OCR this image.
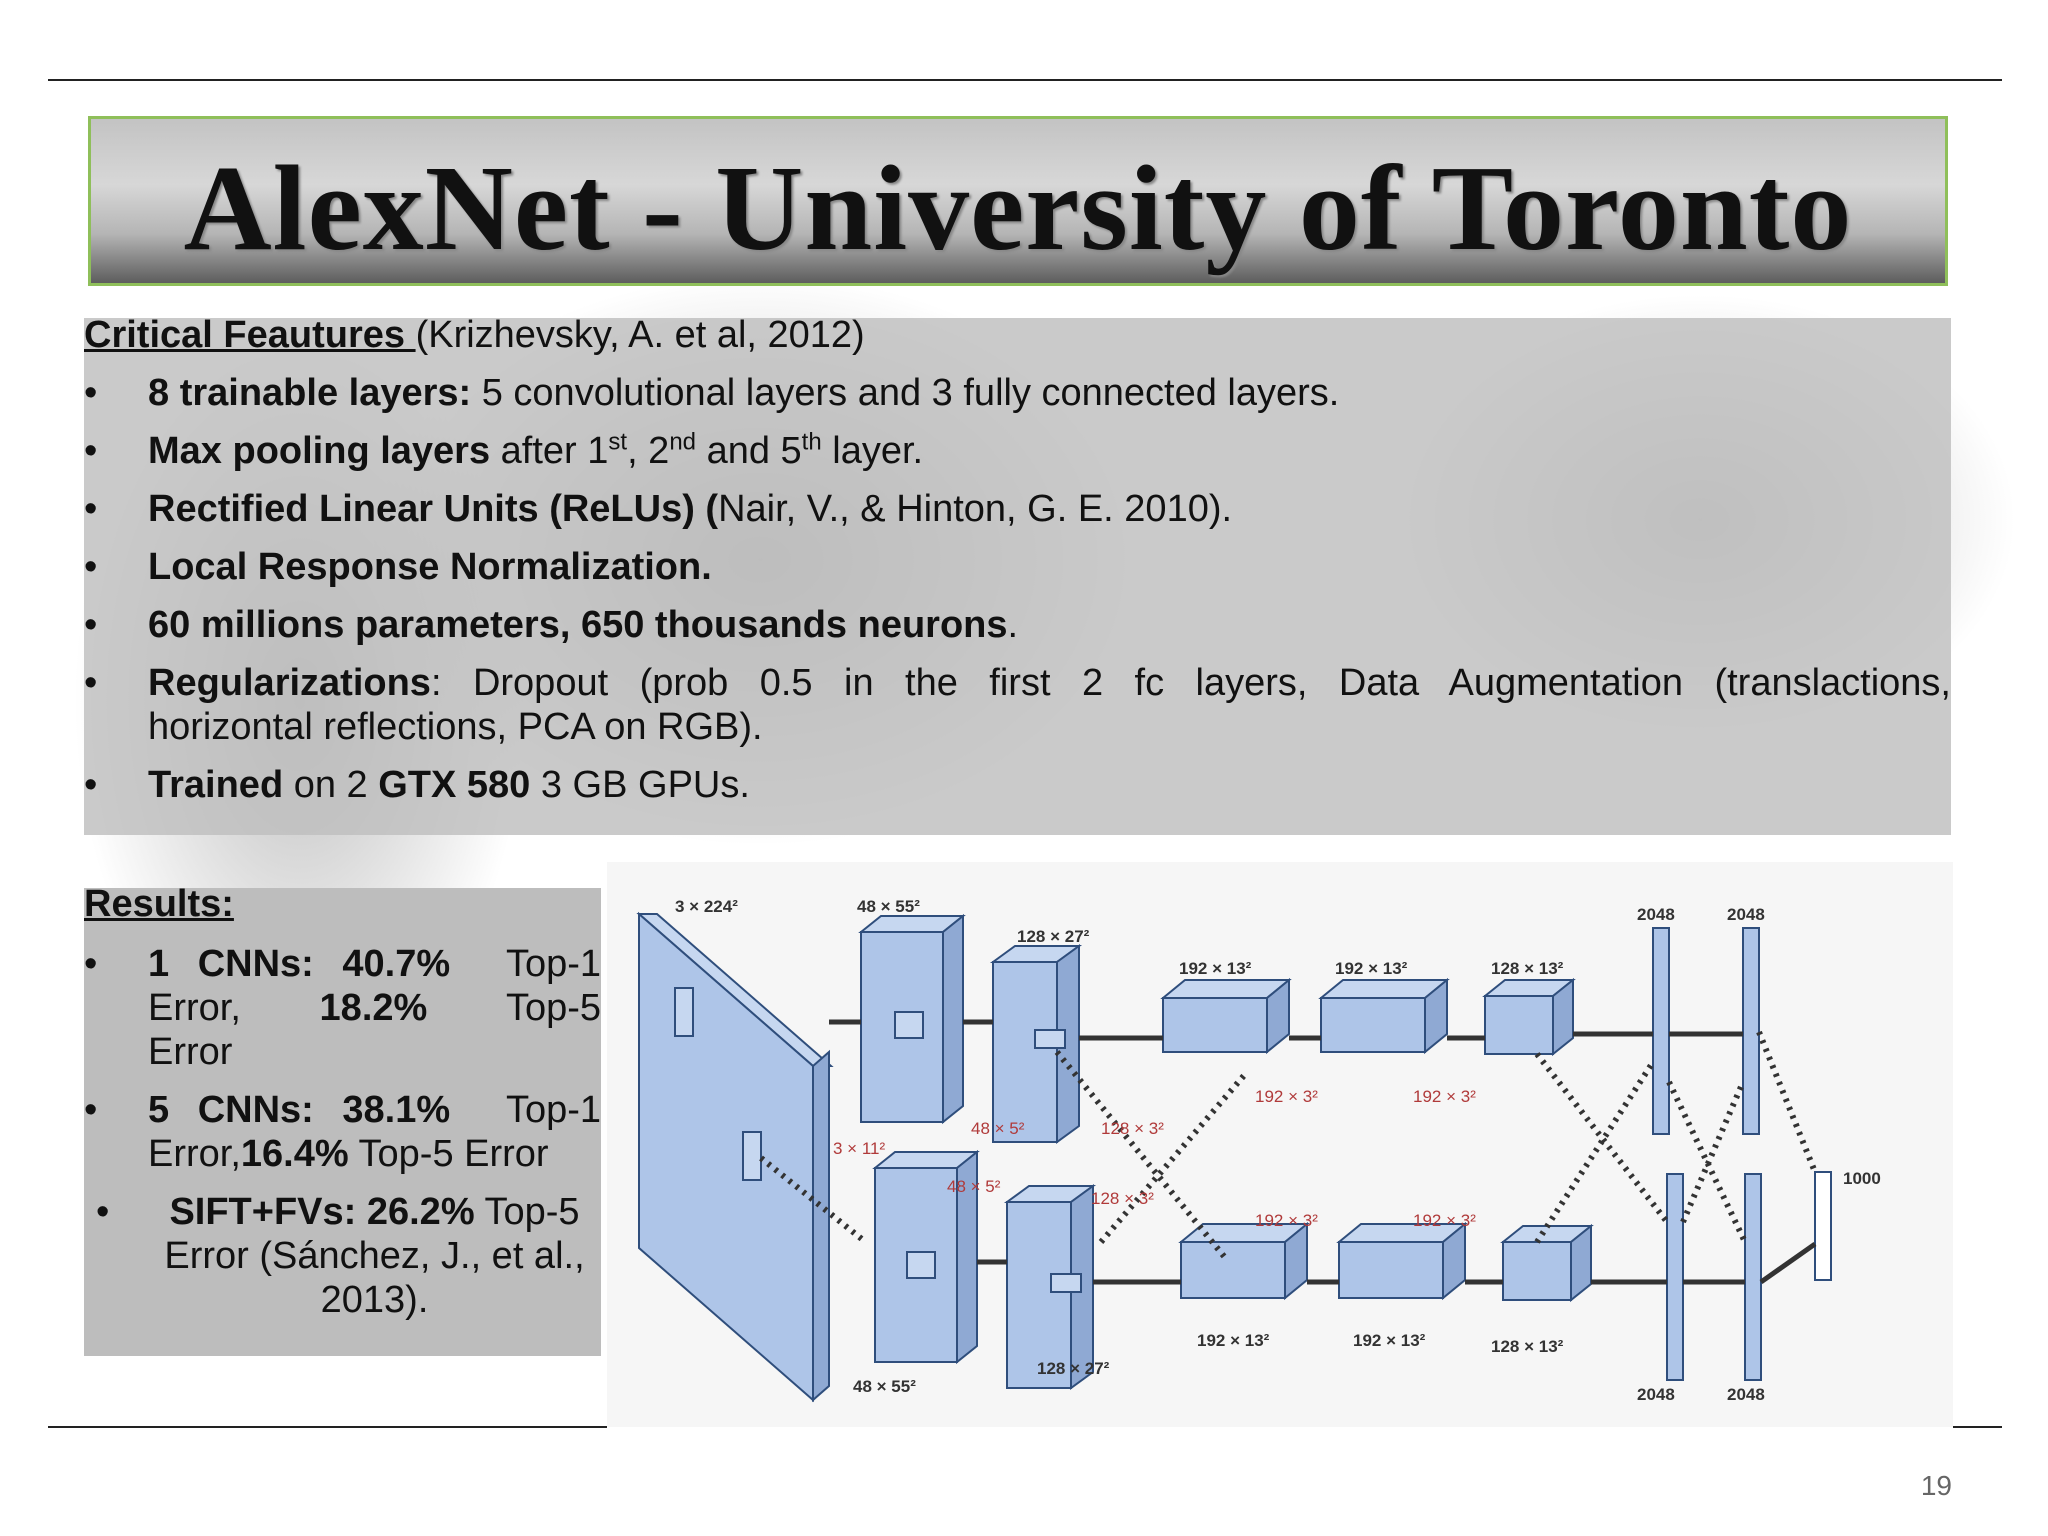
AlexNet - University of Toronto
Critical Feautures (Krizhevsky, A. et al, 2012)
• 8 trainable layers: 5 convolutional layers and 3 fully connected layers.
• Max pooling layers after 1st, 2nd and 5th layer.
• Rectified Linear Units (ReLUs) (Nair, V., & Hinton, G. E. 2010).
• Local Response Normalization.
• 60 millions parameters, 650 thousands neurons.
• Regularizations: Dropout (prob 0.5 in the first 2 fc layers, Data Augmentation (translactions,
horizontal reflections, PCA on RGB).
• Trained on 2 GTX 580 3 GB GPUs.
Results:
• 1 CNNs: 40.7% Top-1
Error, 18.2% Top-5
Error
• 5 CNNs: 38.1% Top-1
Error,16.4% Top-5 Error
•	SIFT+FVs: 26.2% Top-5
Error (Sánchez, J., et al.,
2013).
3 × 224²	48 × 55²
48 × 55²
128 × 27²
128 × 27²
192 × 13²
192 × 13²
192 × 13²
192 × 13²
128 × 13²
128 × 13²
2048	2048
2048	2048
1000
3 × 11²
48 × 5²
48 × 5²
128 × 3²
128 × 3²
192 × 3²
192 × 3²
192 × 3²
192 × 3²
19
